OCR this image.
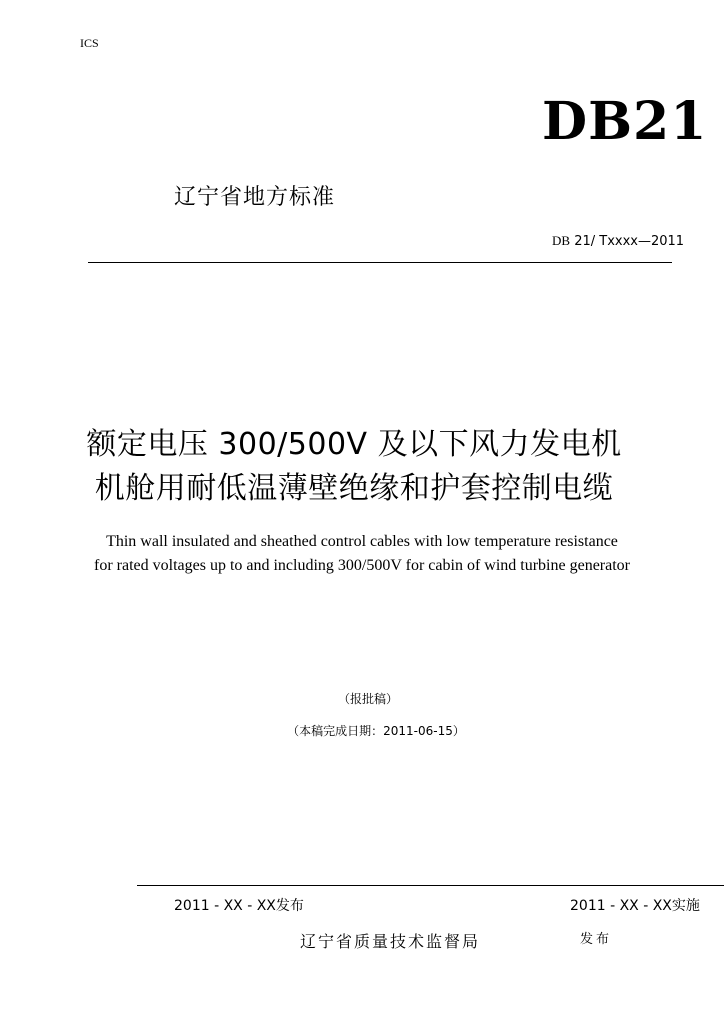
ICS
DB21
辽宁省地方标准
DB 21/ Txxxx—2011
额定电压 300/500V 及以下风力发电机
机舱用耐低温薄壁绝缘和护套控制电缆
Thin wall insulated and sheathed control cables with low temperature resistance
for rated voltages up to and including 300/500V for cabin of wind turbine generator
（报批稿）
（本稿完成日期：2011-06-15）
2011 - XX - XX发布	2011 - XX - XX实施
辽宁省质量技术监督局	发布
